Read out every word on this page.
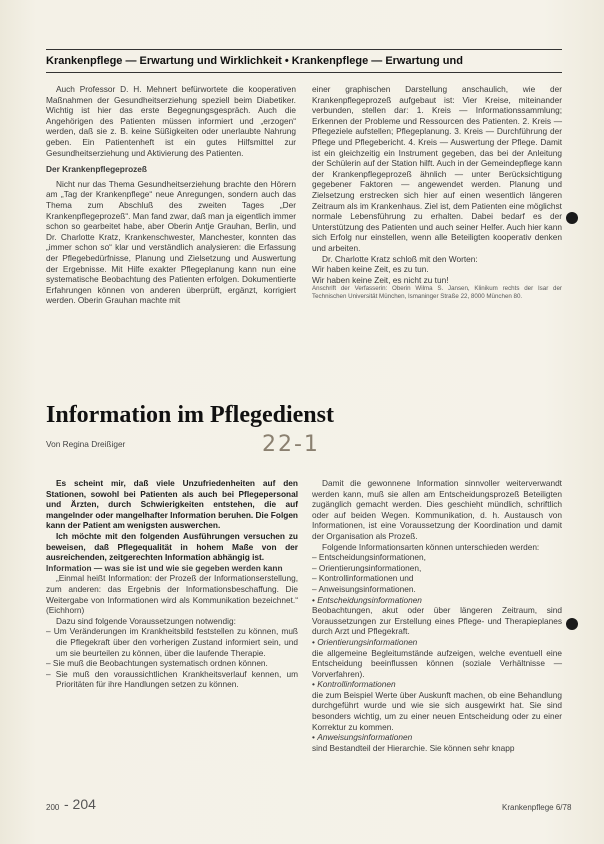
Krankenpflege — Erwartung und Wirklichkeit • Krankenpflege — Erwartung und

Auch Professor D. H. Mehnert befürwortete die kooperativen Maßnahmen der Gesundheitserziehung speziell beim Diabetiker. Wichtig ist hier das erste Begegnungsgespräch. Auch die Angehörigen des Patienten müssen informiert und „erzogen“ werden, daß sie z. B. keine Süßigkeiten oder unerlaubte Nahrung geben. Ein Patientenheft ist ein gutes Hilfsmittel zur Gesundheitserziehung und Aktivierung des Patienten.

Der Krankenpflegeprozeß

Nicht nur das Thema Gesundheitserziehung brachte den Hörern am „Tag der Krankenpflege“ neue Anregungen, sondern auch das Thema zum Abschluß des zweiten Tages „Der Krankenpflegeprozeß“. Man fand zwar, daß man ja eigentlich immer schon so gearbeitet habe, aber Oberin Antje Grauhan, Berlin, und Dr. Charlotte Kratz, Krankenschwester, Manchester, konnten das „immer schon so“ klar und verständlich analysieren: die Erfassung der Pflegebedürfnisse, Planung und Zielsetzung und Auswertung der Ergebnisse. Mit Hilfe exakter Pflegeplanung kann nun eine systematische Beobachtung des Patienten erfolgen. Dokumentierte Erfahrungen können von anderen überprüft, ergänzt, korrigiert werden. Oberin Grauhan machte mit

einer graphischen Darstellung anschaulich, wie der Krankenpflegeprozeß aufgebaut ist: Vier Kreise, miteinander verbunden, stellen dar: 1. Kreis — Informationssammlung; Erkennen der Probleme und Ressourcen des Patienten. 2. Kreis — Pflegeziele aufstellen; Pflegeplanung. 3. Kreis — Durchführung der Pflege und Pflegebericht. 4. Kreis — Auswertung der Pflege. Damit ist ein gleichzeitig ein Instrument gegeben, das bei der Anleitung der Schülerin auf der Station hilft. Auch in der Gemeindepflege kann der Krankenpflegeprozeß ähnlich — unter Berücksichtigung gegebener Faktoren — angewendet werden. Planung und Zielsetzung erstrecken sich hier auf einen wesentlich längeren Zeitraum als im Krankenhaus. Ziel ist, dem Patienten eine möglichst normale Lebensführung zu erhalten. Dabei bedarf es der Unterstützung des Patienten und auch seiner Helfer. Auch hier kann sich Erfolg nur einstellen, wenn alle Beteiligten kooperativ denken und arbeiten.

Dr. Charlotte Kratz schloß mit den Worten:

Wir haben keine Zeit, es zu tun.

Wir haben keine Zeit, es nicht zu tun!

Anschrift der Verfasserin: Oberin Wilma S. Jansen, Klinikum rechts der Isar der Technischen Universität München, Ismaninger Straße 22, 8000 München 80.

Information im Pflegedienst
Von Regina Dreißiger	22-1

Es scheint mir, daß viele Unzufriedenheiten auf den Stationen, sowohl bei Patienten als auch bei Pflegepersonal und Ärzten, durch Schwierigkeiten entstehen, die auf mangelnder oder mangelhafter Information beruhen. Die Folgen kann der Patient am wenigsten auswerchen.

Ich möchte mit den folgenden Ausführungen versuchen zu beweisen, daß Pflegequalität in hohem Maße von der ausreichenden, zeitgerechten Information abhängig ist.

Information — was sie ist und wie sie gegeben werden kann

„Einmal heißt Information: der Prozeß der Informationserstellung, zum anderen: das Ergebnis der Informationsbeschaffung. Die Weitergabe von Informationen wird als Kommunikation bezeichnet.“ (Eichhorn)

Dazu sind folgende Voraussetzungen notwendig:

– Um Veränderungen im Krankheitsbild feststellen zu können, muß die Pflegekraft über den vorherigen Zustand informiert sein, und um sie beurteilen zu können, über die laufende Therapie.
– Sie muß die Beobachtungen systematisch ordnen können.
– Sie muß den voraussichtlichen Krankheitsverlauf kennen, um Prioritäten für ihre Handlungen setzen zu können.

Damit die gewonnene Information sinnvoller weiterverwandt werden kann, muß sie allen am Entscheidungsprozeß Beteiligten zugänglich gemacht werden. Dies geschieht mündlich, schriftlich oder auf beiden Wegen. Kommunikation, d. h. Austausch von Informationen, ist eine Voraussetzung der Koordination und damit der Organisation als Prozeß.

Folgende Informationsarten können unterschieden werden:

– Entscheidungsinformationen,
– Orientierungsinformationen,
– Kontrollinformationen und
– Anweisungsinformationen.

• Entscheidungsinformationen

Beobachtungen, akut oder über längeren Zeitraum, sind Voraussetzungen zur Erstellung eines Pflege- und Therapieplanes durch Arzt und Pflegekraft.

• Orientierungsinformationen

die allgemeine Begleitumstände aufzeigen, welche eventuell eine Entscheidung beeinflussen können (soziale Verhältnisse — Vorverfahren).

• Kontrollinformationen

die zum Beispiel Werte über Auskunft machen, ob eine Behandlung durchgeführt wurde und wie sie sich ausgewirkt hat. Sie sind besonders wichtig, um zu einer neuen Entscheidung oder zu einer Korrektur zu kommen.

• Anweisungsinformationen

sind Bestandteil der Hierarchie. Sie können sehr knapp

200 - 204	Krankenpflege 6/78
